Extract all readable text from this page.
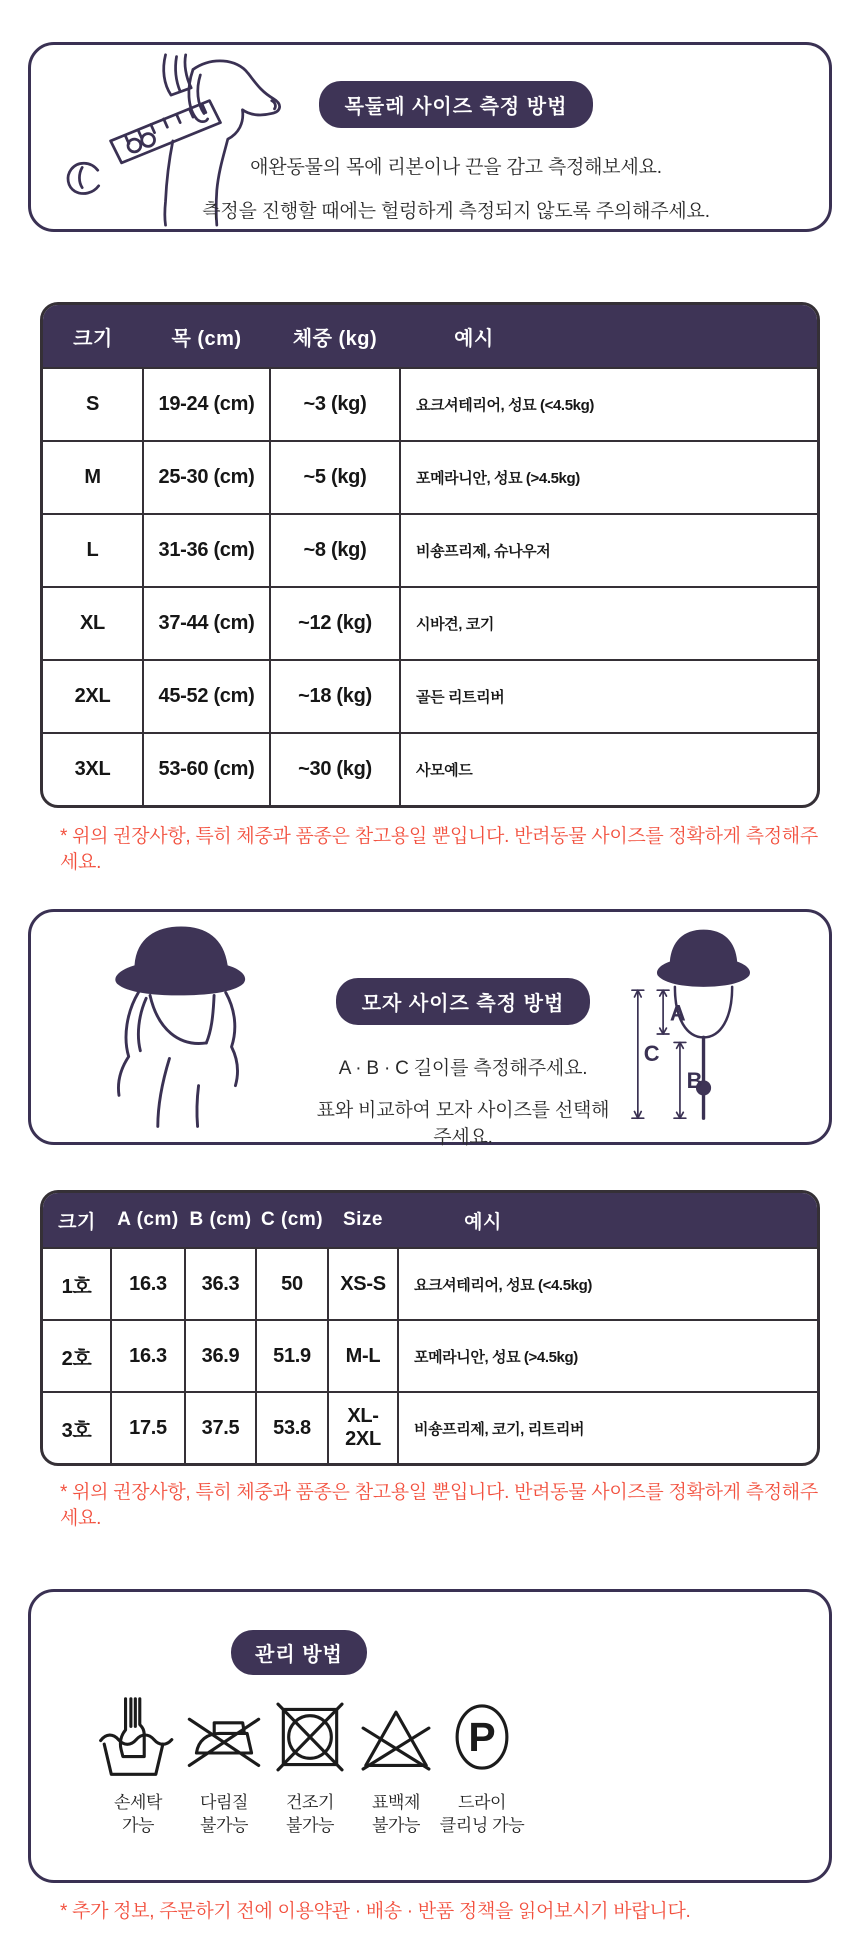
목둘레 사이즈 측정 방법

애완동물의 목에 리본이나 끈을 감고 측정해보세요.

측정을 진행할 때에는 헐렁하게 측정되지 않도록 주의해주세요.

크기	목 (cm)	체중 (kg)	예시
S	19-24 (cm)	~3 (kg)	요크셔테리어, 성묘 (<4.5kg)
M	25-30 (cm)	~5 (kg)	포메라니안, 성묘 (>4.5kg)
L	31-36 (cm)	~8 (kg)	비숑프리제, 슈나우저
XL	37-44 (cm)	~12 (kg)	시바견, 코기
2XL	45-52 (cm)	~18 (kg)	골든 리트리버
3XL	53-60 (cm)	~30 (kg)	사모예드

* 위의 권장사항, 특히 체중과 품종은 참고용일 뿐입니다. 반려동물 사이즈를 정확하게 측정해주세요.

모자 사이즈 측정 방법

A · B · C 길이를 측정해주세요.

표와 비교하여 모자 사이즈를 선택해주세요.

A
B
C
크기	A (cm)	B (cm)	C (cm)	Size	예시
1호	16.3	36.3	50	XS-S	요크셔테리어, 성묘 (<4.5kg)
2호	16.3	36.9	51.9	M-L	포메라니안, 성묘 (>4.5kg)
3호	17.5	37.5	53.8	XL-2XL	비숑프리제, 코기, 리트리버

* 위의 권장사항, 특히 체중과 품종은 참고용일 뿐입니다. 반려동물 사이즈를 정확하게 측정해주세요.

관리 방법
손세탁
가능
다림질
불가능
건조기
불가능
표백제
불가능
P
드라이
클리닝 가능

* 추가 정보, 주문하기 전에 이용약관 · 배송 · 반품 정책을 읽어보시기 바랍니다.
